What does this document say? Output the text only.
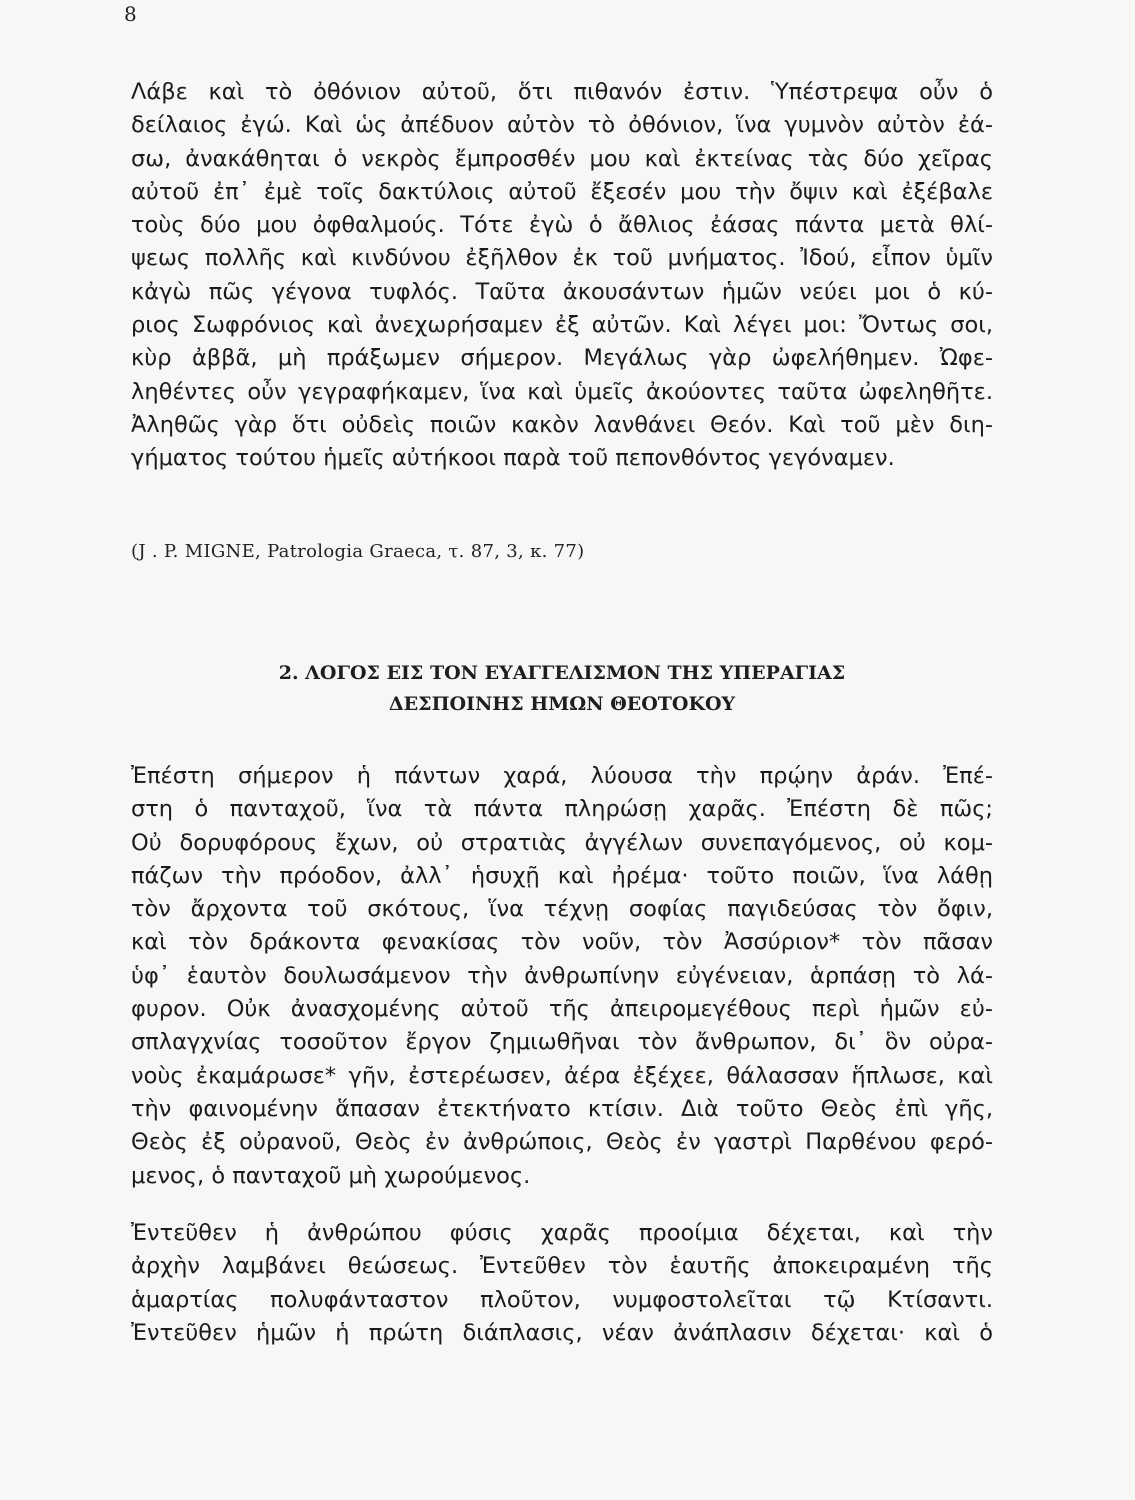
8
Λάβε καὶ τὸ ὀθόνιον αὐτοῦ, ὅτι πιθανόν ἐστιν. Ὑπέστρεψα οὖν ὁ
δείλαιος ἐγώ. Καὶ ὡς ἀπέδυον αὐτὸν τὸ ὀθόνιον, ἵνα γυμνὸν αὐτὸν ἐά-
σω, ἀνακάθηται ὁ νεκρὸς ἔμπροσθέν μου καὶ ἐκτείνας τὰς δύο χεῖρας
αὐτοῦ ἐπ᾿ ἐμὲ τοῖς δακτύλοις αὐτοῦ ἔξεσέν μου τὴν ὄψιν καὶ ἐξέβαλε
τοὺς δύο μου ὀφθαλμούς. Τότε ἐγὼ ὁ ἄθλιος ἐάσας πάντα μετὰ θλί-
ψεως πολλῆς καὶ κινδύνου ἐξῆλθον ἐκ τοῦ μνήματος. Ἰδού, εἶπον ὑμῖν
κἀγὼ πῶς γέγονα τυφλός. Ταῦτα ἀκουσάντων ἡμῶν νεύει μοι ὁ κύ-
ριος Σωφρόνιος καὶ ἀνεχωρήσαμεν ἐξ αὐτῶν. Καὶ λέγει μοι: Ὄντως σοι,
κὺρ ἀββᾶ, μὴ πράξωμεν σήμερον. Μεγάλως γὰρ ὠφελήθημεν. Ὠφε-
ληθέντες οὖν γεγραφήκαμεν, ἵνα καὶ ὑμεῖς ἀκούοντες ταῦτα ὠφεληθῆτε.
Ἀληθῶς γὰρ ὅτι οὐδεὶς ποιῶν κακὸν λανθάνει Θεόν. Καὶ τοῦ μὲν διη-
γήματος τούτου ἡμεῖς αὐτήκοοι παρὰ τοῦ πεπονθόντος γεγόναμεν.
(J . P. MIGNE, Patrologia Graeca, τ. 87, 3, κ. 77)
2. ΛΟΓΟΣ ΕΙΣ ΤΟΝ ΕΥΑΓΓΕΛΙΣΜΟΝ ΤΗΣ ΥΠΕΡΑΓΙΑΣ
ΔΕΣΠΟΙΝΗΣ ΗΜΩΝ ΘΕΟΤΟΚΟΥ
Ἐπέστη σήμερον ἡ πάντων χαρά, λύουσα τὴν πρῴην ἀράν. Ἐπέ-
στη ὁ πανταχοῦ, ἵνα τὰ πάντα πληρώσῃ χαρᾶς. Ἐπέστη δὲ πῶς;
Οὐ δορυφόρους ἔχων, οὐ στρατιὰς ἀγγέλων συνεπαγόμενος, οὐ κομ-
πάζων τὴν πρόοδον, ἀλλ᾿ ἡσυχῇ καὶ ἠρέμα· τοῦτο ποιῶν, ἵνα λάθῃ
τὸν ἄρχοντα τοῦ σκότους, ἵνα τέχνῃ σοφίας παγιδεύσας τὸν ὄφιν,
καὶ τὸν δράκοντα φενακίσας τὸν νοῦν, τὸν Ἀσσύριον* τὸν πᾶσαν
ὑφ᾿ ἑαυτὸν δουλωσάμενον τὴν ἀνθρωπίνην εὐγένειαν, ἁρπάσῃ τὸ λά-
φυρον. Οὐκ ἀνασχομένης αὐτοῦ τῆς ἀπειρομεγέθους περὶ ἡμῶν εὐ-
σπλαγχνίας τοσοῦτον ἔργον ζημιωθῆναι τὸν ἄνθρωπον, δι᾿ ὃν οὐρα-
νοὺς ἐκαμάρωσε* γῆν, ἐστερέωσεν, ἀέρα ἐξέχεε, θάλασσαν ἥπλωσε, καὶ
τὴν φαινομένην ἅπασαν ἐτεκτήνατο κτίσιν. Διὰ τοῦτο Θεὸς ἐπὶ γῆς,
Θεὸς ἐξ οὐρανοῦ, Θεὸς ἐν ἀνθρώποις, Θεὸς ἐν γαστρὶ Παρθένου φερό-
μενος, ὁ πανταχοῦ μὴ χωρούμενος.
Ἐντεῦθεν ἡ ἀνθρώπου φύσις χαρᾶς προοίμια δέχεται, καὶ τὴν
ἀρχὴν λαμβάνει θεώσεως. Ἐντεῦθεν τὸν ἑαυτῆς ἀποκειραμένη τῆς
ἁμαρτίας πολυφάνταστον πλοῦτον, νυμφοστολεῖται τῷ Κτίσαντι.
Ἐντεῦθεν ἡμῶν ἡ πρώτη διάπλασις, νέαν ἀνάπλασιν δέχεται· καὶ ὁ
